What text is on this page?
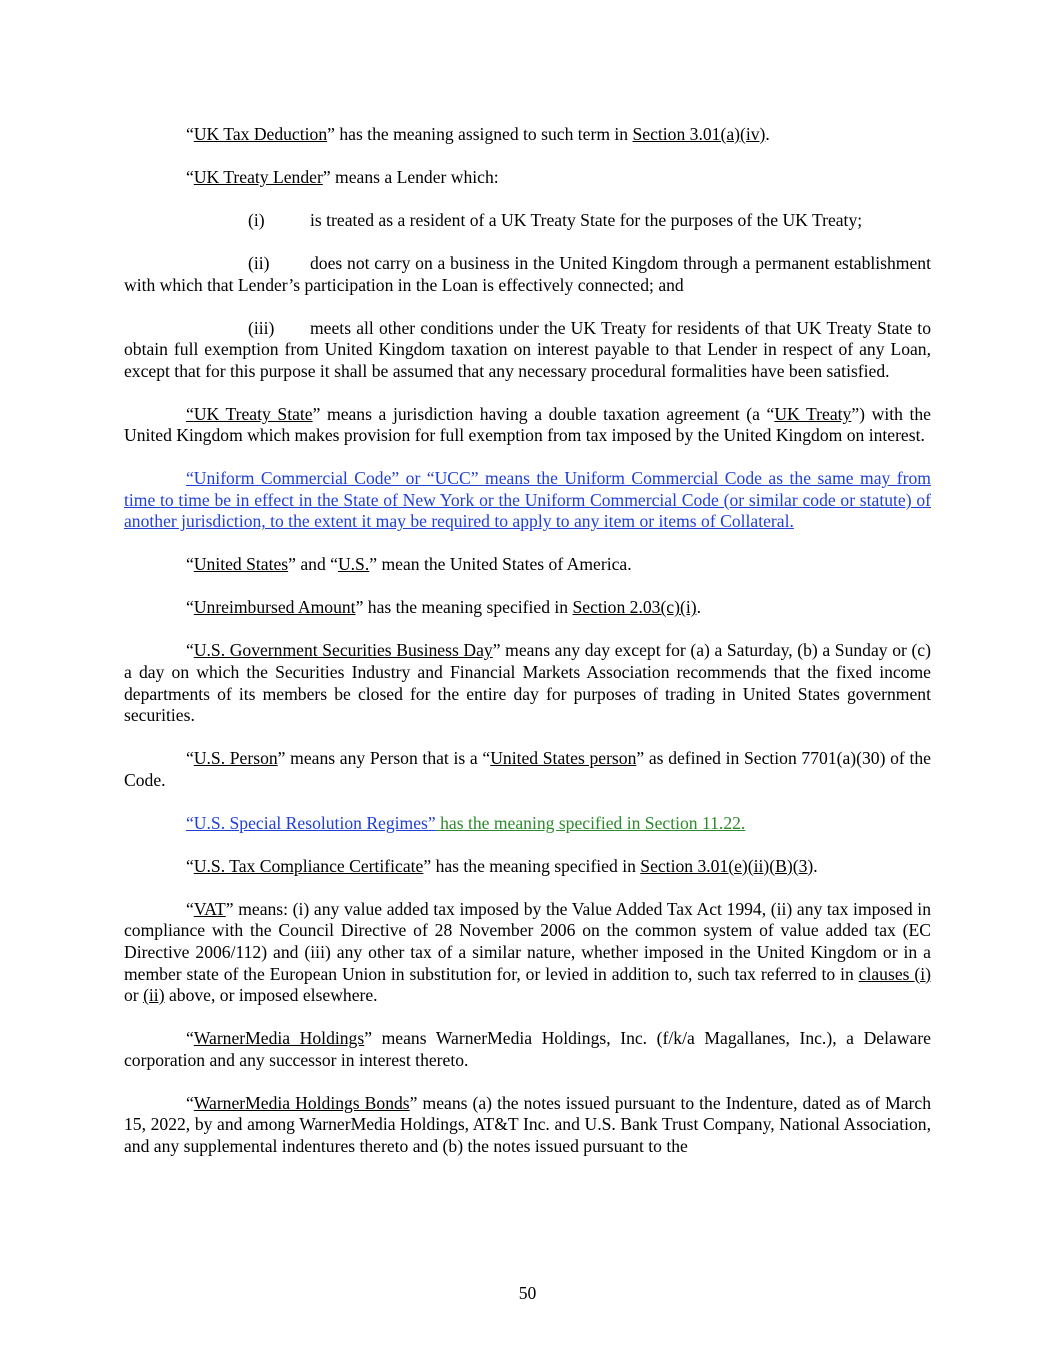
“UK Tax Deduction” has the meaning assigned to such term in Section 3.01(a)(iv).

“UK Treaty Lender” means a Lender which:

(i)	is treated as a resident of a UK Treaty State for the purposes of the UK Treaty;

(ii) does not carry on a business in the United Kingdom through a permanent establishment with which that Lender’s participation in the Loan is effectively connected; and

(iii) meets all other conditions under the UK Treaty for residents of that UK Treaty State to obtain full exemption from United Kingdom taxation on interest payable to that Lender in respect of any Loan, except that for this purpose it shall be assumed that any necessary procedural formalities have been satisfied.

“UK Treaty State” means a jurisdiction having a double taxation agreement (a “UK Treaty”) with the United Kingdom which makes provision for full exemption from tax imposed by the United Kingdom on interest.

“Uniform Commercial Code” or “UCC” means the Uniform Commercial Code as the same may from time to time be in effect in the State of New York or the Uniform Commercial Code (or similar code or statute) of another jurisdiction, to the extent it may be required to apply to any item or items of Collateral.

“United States” and “U.S.” mean the United States of America.

“Unreimbursed Amount” has the meaning specified in Section 2.03(c)(i).

“U.S. Government Securities Business Day” means any day except for (a) a Saturday, (b) a Sunday or (c) a day on which the Securities Industry and Financial Markets Association recommends that the fixed income departments of its members be closed for the entire day for purposes of trading in United States government securities.

“U.S. Person” means any Person that is a “United States person” as defined in Section 7701(a)(30) of the Code.

“U.S. Special Resolution Regimes” has the meaning specified in Section 11.22.

“U.S. Tax Compliance Certificate” has the meaning specified in Section 3.01(e)(ii)(B)(3).

“VAT” means: (i) any value added tax imposed by the Value Added Tax Act 1994, (ii) any tax imposed in compliance with the Council Directive of 28 November 2006 on the common system of value added tax (EC Directive 2006/112) and (iii) any other tax of a similar nature, whether imposed in the United Kingdom or in a member state of the European Union in substitution for, or levied in addition to, such tax referred to in clauses (i) or (ii) above, or imposed elsewhere.

“WarnerMedia Holdings” means WarnerMedia Holdings, Inc. (f/k/a Magallanes, Inc.), a Delaware corporation and any successor in interest thereto.

“WarnerMedia Holdings Bonds” means (a) the notes issued pursuant to the Indenture, dated as of March 15, 2022, by and among WarnerMedia Holdings, AT&T Inc. and U.S. Bank Trust Company, National Association, and any supplemental indentures thereto and (b) the notes issued pursuant to the

50
